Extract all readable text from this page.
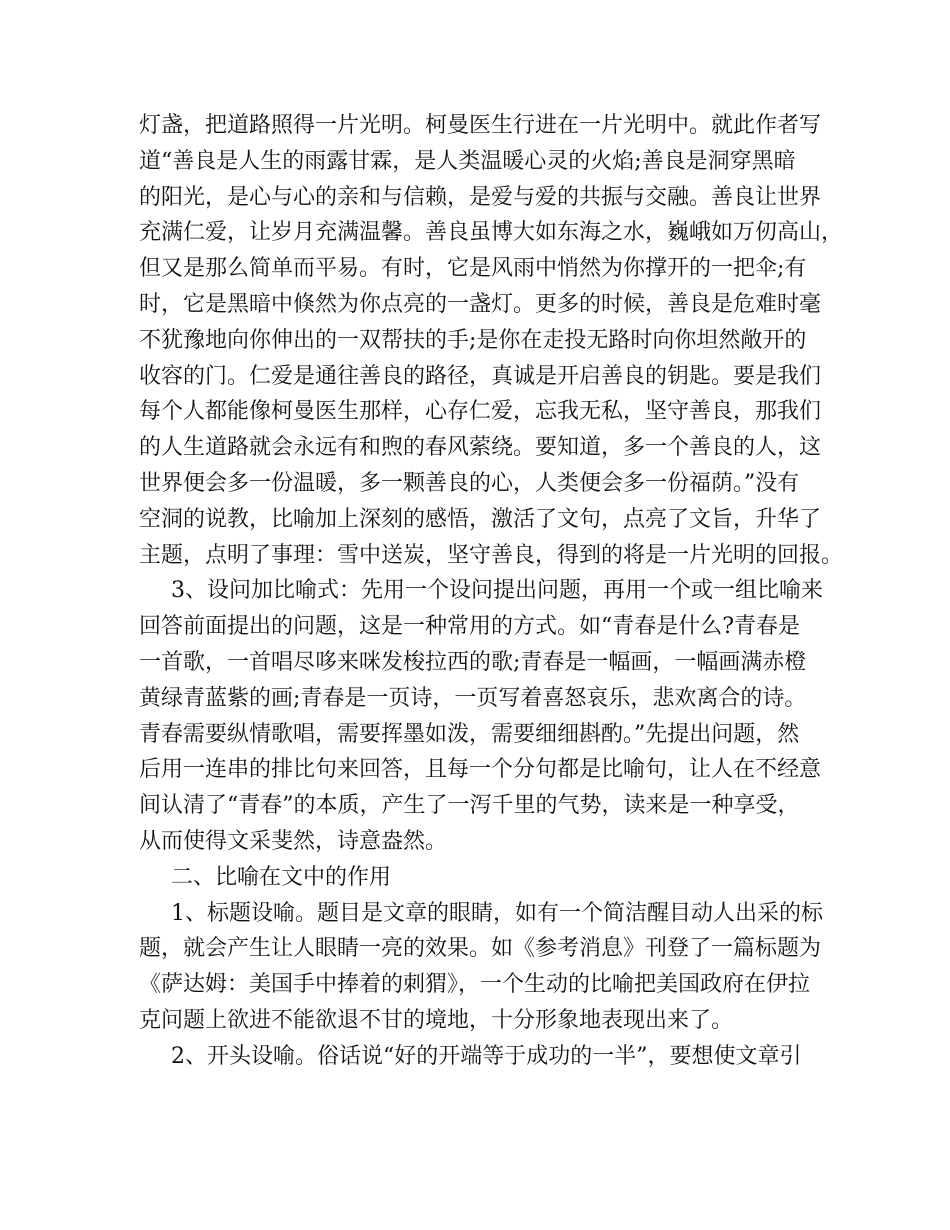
灯盏，把道路照得一片光明。柯曼医生行进在一片光明中。就此作者写
道“善良是人生的雨露甘霖，是人类温暖心灵的火焰;善良是洞穿黑暗
的阳光，是心与心的亲和与信赖，是爱与爱的共振与交融。善良让世界
充满仁爱，让岁月充满温馨。善良虽博大如东海之水，巍峨如万仞高山，
但又是那么简单而平易。有时，它是风雨中悄然为你撑开的一把伞;有
时，它是黑暗中倏然为你点亮的一盏灯。更多的时候，善良是危难时毫
不犹豫地向你伸出的一双帮扶的手;是你在走投无路时向你坦然敞开的
收容的门。仁爱是通往善良的路径，真诚是开启善良的钥匙。要是我们
每个人都能像柯曼医生那样，心存仁爱，忘我无私，坚守善良，那我们
的人生道路就会永远有和煦的春风萦绕。要知道，多一个善良的人，这
世界便会多一份温暖，多一颗善良的心，人类便会多一份福荫。”没有
空洞的说教，比喻加上深刻的感悟，激活了文句，点亮了文旨，升华了
主题，点明了事理：雪中送炭，坚守善良，得到的将是一片光明的回报。
3、设问加比喻式：先用一个设问提出问题，再用一个或一组比喻来
回答前面提出的问题，这是一种常用的方式。如“青春是什么?青春是
一首歌，一首唱尽哆来咪发梭拉西的歌;青春是一幅画，一幅画满赤橙
黄绿青蓝紫的画;青春是一页诗，一页写着喜怒哀乐，悲欢离合的诗。
青春需要纵情歌唱，需要挥墨如泼，需要细细斟酌。”先提出问题，然
后用一连串的排比句来回答，且每一个分句都是比喻句，让人在不经意
间认清了“青春”的本质，产生了一泻千里的气势，读来是一种享受，
从而使得文采斐然，诗意盎然。
二、比喻在文中的作用
1、标题设喻。题目是文章的眼睛，如有一个简洁醒目动人出采的标
题，就会产生让人眼睛一亮的效果。如《参考消息》刊登了一篇标题为
《萨达姆：美国手中捧着的刺猬》，一个生动的比喻把美国政府在伊拉
克问题上欲进不能欲退不甘的境地，十分形象地表现出来了。
2、开头设喻。俗话说“好的开端等于成功的一半”，要想使文章引
